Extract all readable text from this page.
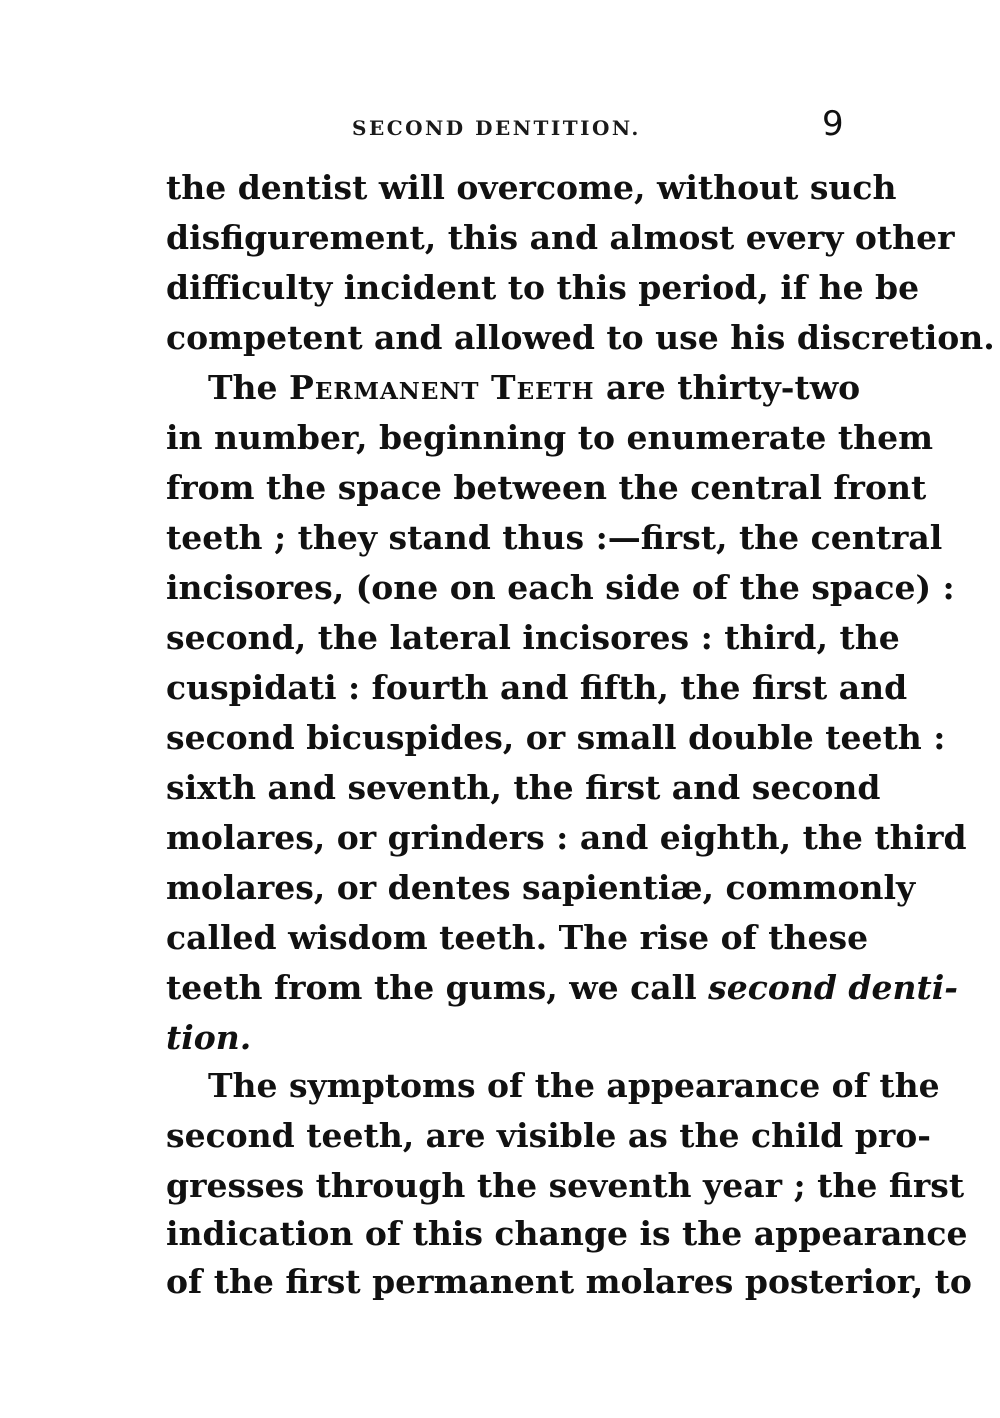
SECOND DENTITION.	9
the dentist will overcome, without such
disfigurement, this and almost every other
difficulty incident to this period, if he be
competent and allowed to use his discretion.
The Permanent Teeth are thirty-two
in number, beginning to enumerate them
from the space between the central front
teeth ; they stand thus :—first, the central
incisores, (one on each side of the space) :
second, the lateral incisores : third, the
cuspidati : fourth and fifth, the first and
second bicuspides, or small double teeth :
sixth and seventh, the first and second
molares, or grinders : and eighth, the third
molares, or dentes sapientiæ, commonly
called wisdom teeth. The rise of these
teeth from the gums, we call second denti-
tion.
The symptoms of the appearance of the
second teeth, are visible as the child pro-
gresses through the seventh year ; the first
indication of this change is the appearance
of the first permanent molares posterior, to
